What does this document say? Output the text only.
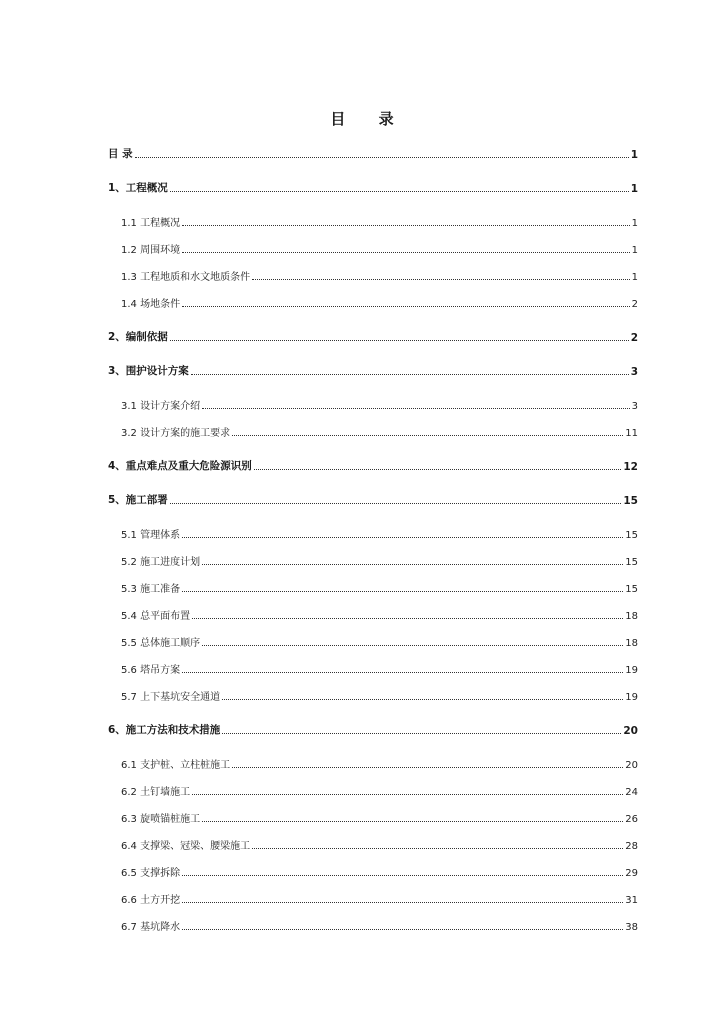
目 录
目 录	1
1、工程概况	1
1.1 工程概况	1
1.2 周围环境	1
1.3 工程地质和水文地质条件	1
1.4 场地条件	2
2、编制依据	2
3、围护设计方案	3
3.1 设计方案介绍	3
3.2 设计方案的施工要求	11
4、重点难点及重大危险源识别	12
5、施工部署	15
5.1 管理体系	15
5.2 施工进度计划	15
5.3 施工准备	15
5.4 总平面布置	18
5.5 总体施工顺序	18
5.6 塔吊方案	19
5.7 上下基坑安全通道	19
6、施工方法和技术措施	20
6.1 支护桩、立柱桩施工	20
6.2 土钉墙施工	24
6.3 旋喷锚桩施工	26
6.4 支撑梁、冠梁、腰梁施工	28
6.5 支撑拆除	29
6.6 土方开挖	31
6.7 基坑降水	38
